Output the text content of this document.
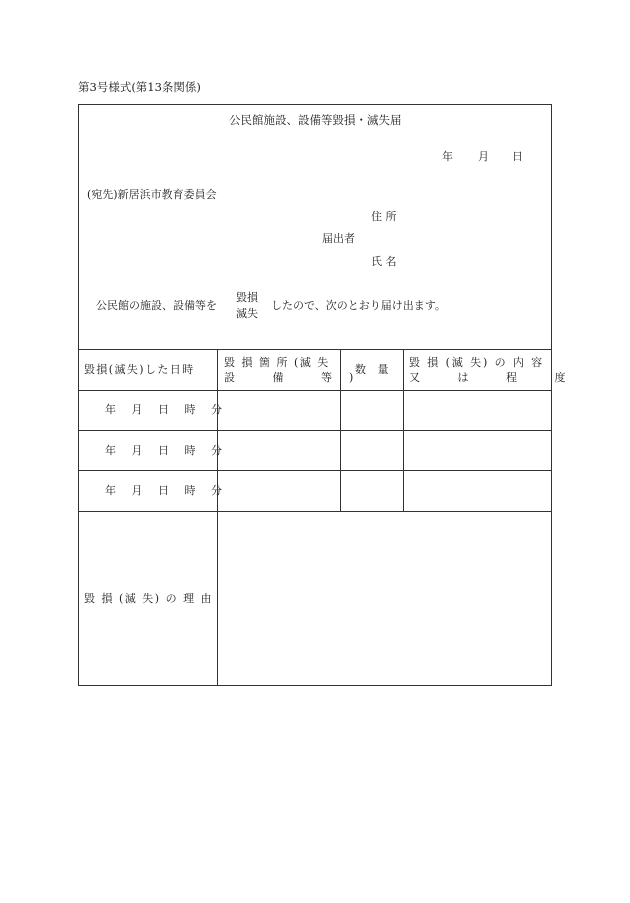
第3号様式(第13条関係)
公民館施設、設備等毀損・滅失届
年 月 日
(宛先)新居浜市教育委員会
住 所
届出者
氏 名
公民館の施設、設備等を
毀損
滅失
したので、次のとおり届け出ます。
毀損(滅失)した日時
毀 損 箇 所 (滅 失
設 備 等)
数 量
毀 損 (滅 失) の 内 容
又 は 程 度
年 月 日 時 分
年 月 日 時 分
年 月 日 時 分
毀 損 (滅 失) の 理 由
